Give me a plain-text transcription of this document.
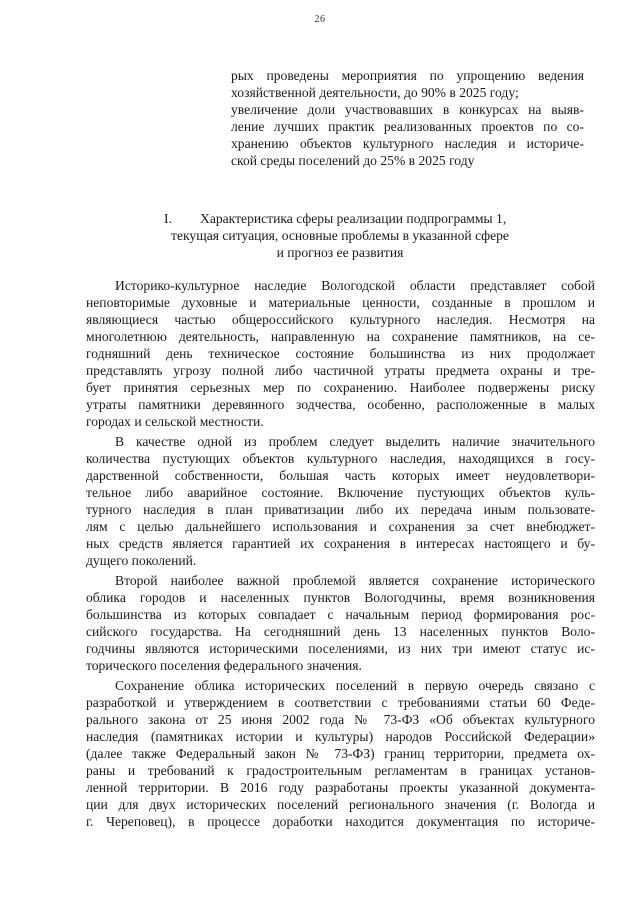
26
рых проведены мероприятия по упрощению ведения
хозяйственной деятельности, до 90% в 2025 году;
увеличение доли участвовавших в конкурсах на выяв-
ление лучших практик реализованных проектов по со-
хранению объектов культурного наследия и историче-
ской среды поселений до 25% в 2025 году
I. Характеристика сферы реализации подпрограммы 1,
текущая ситуация, основные проблемы в указанной сфере
и прогноз ее развития
Историко-культурное наследие Вологодской области представляет собой
неповторимые духовные и материальные ценности, созданные в прошлом и
являющиеся частью общероссийского культурного наследия. Несмотря на
многолетнюю деятельность, направленную на сохранение памятников, на се-
годняшний день техническое состояние большинства из них продолжает
представлять угрозу полной либо частичной утраты предмета охраны и тре-
бует принятия серьезных мер по сохранению. Наиболее подвержены риску
утраты памятники деревянного зодчества, особенно, расположенные в малых
городах и сельской местности.
В качестве одной из проблем следует выделить наличие значительного
количества пустующих объектов культурного наследия, находящихся в госу-
дарственной собственности, большая часть которых имеет неудовлетвори-
тельное либо аварийное состояние. Включение пустующих объектов куль-
турного наследия в план приватизации либо их передача иным пользовате-
лям с целью дальнейшего использования и сохранения за счет внебюджет-
ных средств является гарантией их сохранения в интересах настоящего и бу-
дущего поколений.
Второй наиболее важной проблемой является сохранение исторического
облика городов и населенных пунктов Вологодчины, время возникновения
большинства из которых совпадает с начальным период формирования рос-
сийского государства. На сегодняшний день 13 населенных пунктов Воло-
годчины являются историческими поселениями, из них три имеют статус ис-
торического поселения федерального значения.
Сохранение облика исторических поселений в первую очередь связано с
разработкой и утверждением в соответствии с требованиями статьи 60 Феде-
рального закона от 25 июня 2002 года № 73-ФЗ «Об объектах культурного
наследия (памятниках истории и культуры) народов Российской Федерации»
(далее также Федеральный закон № 73-ФЗ) границ территории, предмета ох-
раны и требований к градостроительным регламентам в границах установ-
ленной территории. В 2016 году разработаны проекты указанной документа-
ции для двух исторических поселений регионального значения (г. Вологда и
г. Череповец), в процессе доработки находится документация по историче-
